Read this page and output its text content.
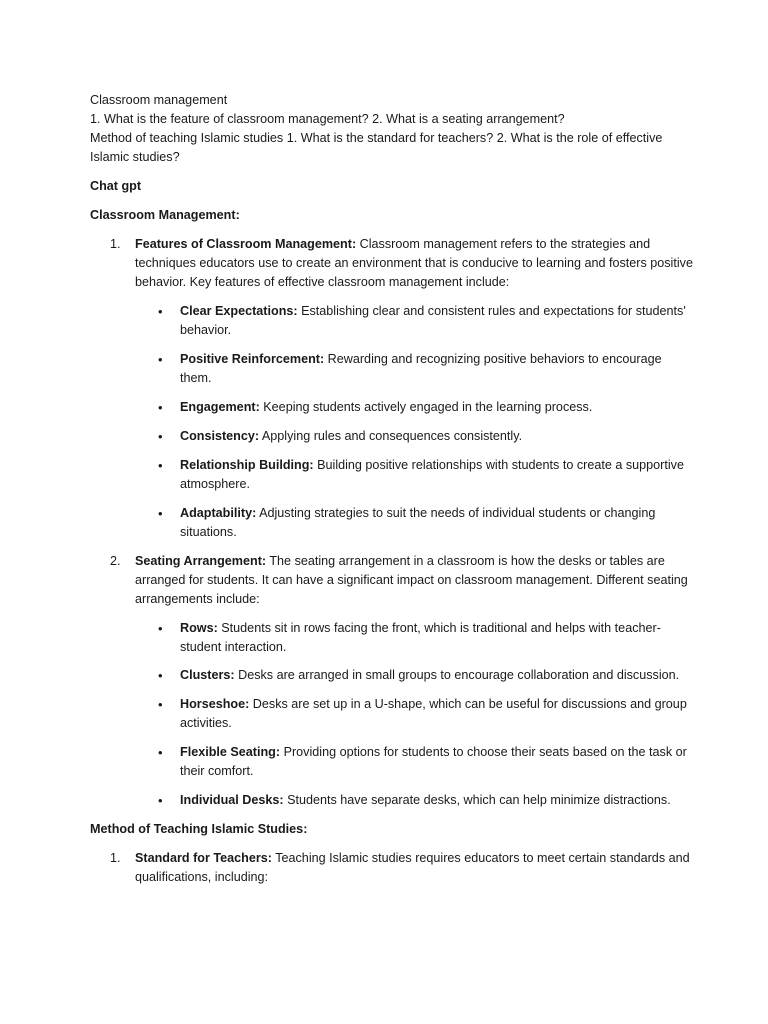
Classroom management

1. What is the feature of classroom management? 2. What is a seating arrangement?

Method of teaching Islamic studies 1. What is the standard for teachers? 2. What is the role of effective

Islamic studies?

Chat gpt

Classroom Management:

1. Features of Classroom Management: Classroom management refers to the strategies and techniques educators use to create an environment that is conducive to learning and fosters positive behavior. Key features of effective classroom management include:
• Clear Expectations: Establishing clear and consistent rules and expectations for students' behavior.
• Positive Reinforcement: Rewarding and recognizing positive behaviors to encourage them.
• Engagement: Keeping students actively engaged in the learning process.
• Consistency: Applying rules and consequences consistently.
• Relationship Building: Building positive relationships with students to create a supportive atmosphere.
• Adaptability: Adjusting strategies to suit the needs of individual students or changing situations.
2. Seating Arrangement: The seating arrangement in a classroom is how the desks or tables are arranged for students. It can have a significant impact on classroom management. Different seating arrangements include:
• Rows: Students sit in rows facing the front, which is traditional and helps with teacher-student interaction.
• Clusters: Desks are arranged in small groups to encourage collaboration and discussion.
• Horseshoe: Desks are set up in a U-shape, which can be useful for discussions and group activities.
• Flexible Seating: Providing options for students to choose their seats based on the task or their comfort.
• Individual Desks: Students have separate desks, which can help minimize distractions.

Method of Teaching Islamic Studies:

1. Standard for Teachers: Teaching Islamic studies requires educators to meet certain standards and qualifications, including:
